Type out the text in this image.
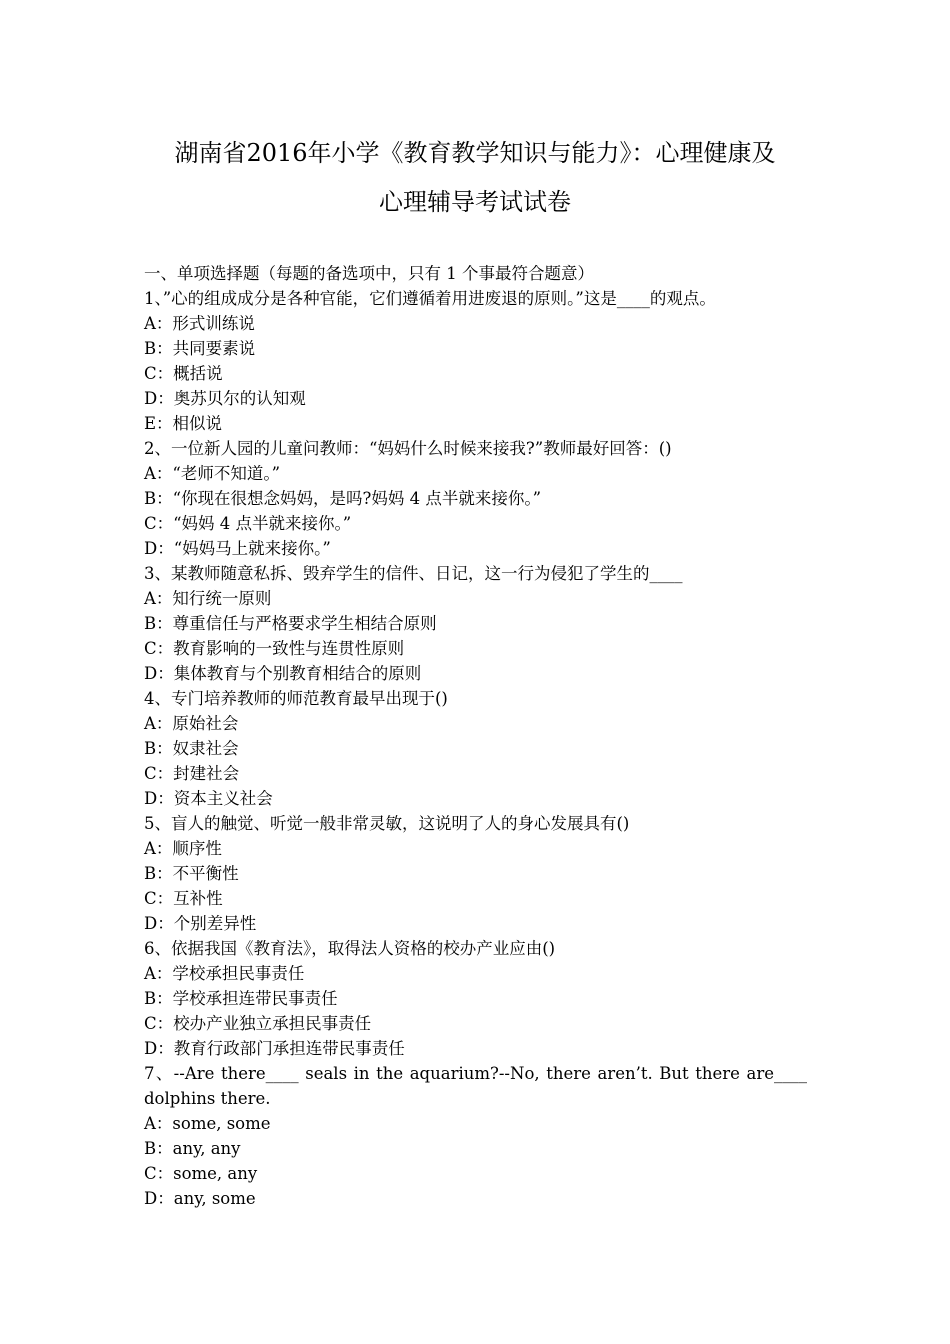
湖南省2016年小学《教育教学知识与能力》：心理健康及
心理辅导考试试卷
一、单项选择题（每题的备选项中，只有 1 个事最符合题意）
1、”心的组成成分是各种官能，它们遵循着用进废退的原则。”这是____的观点。
A：形式训练说
B：共同要素说
C：概括说
D：奥苏贝尔的认知观
E：相似说
2、一位新人园的儿童问教师：“妈妈什么时候来接我?”教师最好回答：()
A：“老师不知道。”
B：“你现在很想念妈妈，是吗?妈妈 4 点半就来接你。”
C：“妈妈 4 点半就来接你。”
D：“妈妈马上就来接你。”
3、某教师随意私拆、毁弃学生的信件、日记，这一行为侵犯了学生的____
A：知行统一原则
B：尊重信任与严格要求学生相结合原则
C：教育影响的一致性与连贯性原则
D：集体教育与个别教育相结合的原则
4、专门培养教师的师范教育最早出现于()
A：原始社会
B：奴隶社会
C：封建社会
D：资本主义社会
5、盲人的触觉、听觉一般非常灵敏，这说明了人的身心发展具有()
A：顺序性
B：不平衡性
C：互补性
D：个别差异性
6、依据我国《教育法》，取得法人资格的校办产业应由()
A：学校承担民事责任
B：学校承担连带民事责任
C：校办产业独立承担民事责任
D：教育行政部门承担连带民事责任
7、--Are there____ seals in the aquarium?--No, there aren’t. But there are____
dolphins there.
A：some, some
B：any, any
C：some, any
D：any, some
